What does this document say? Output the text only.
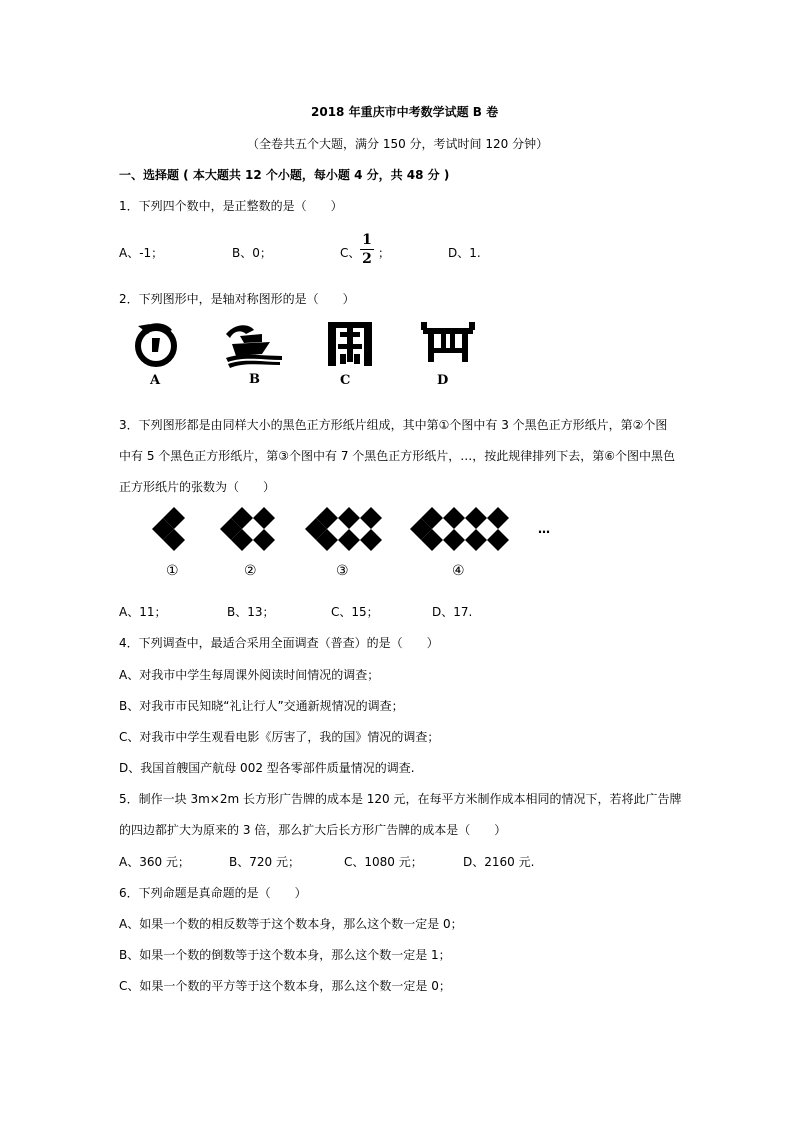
2018 年重庆市中考数学试题 B 卷
（全卷共五个大题，满分 150 分，考试时间 120 分钟）
一、选择题 ( 本大题共 12 个小题，每小题 4 分，共 48 分 )
1．下列四个数中，是正整数的是（　　）
A、-1；	B、0；	C、
1
2 ；	D、1.
2．下列图形中，是轴对称图形的是（　　）
A	B	C	D
3．下列图形都是由同样大小的黑色正方形纸片组成，其中第①个图中有 3 个黑色正方形纸片，第②个图
中有 5 个黑色正方形纸片，第③个图中有 7 个黑色正方形纸片，…，按此规律排列下去，第⑥个图中黑色
正方形纸片的张数为（　　）
…
①	②	③	④
A、11；	B、13；	C、15；	D、17.
4．下列调查中，最适合采用全面调查（普查）的是（　　）
A、对我市中学生每周课外阅读时间情况的调查；
B、对我市市民知晓“礼让行人”交通新规情况的调查；
C、对我市中学生观看电影《厉害了，我的国》情况的调查；
D、我国首艘国产航母 002 型各零部件质量情况的调查.
5．制作一块 3m×2m 长方形广告牌的成本是 120 元，在每平方米制作成本相同的情况下，若将此广告牌
的四边都扩大为原来的 3 倍，那么扩大后长方形广告牌的成本是（　　）
A、360 元；	B、720 元；	C、1080 元；	D、2160 元.
6．下列命题是真命题的是（　　）
A、如果一个数的相反数等于这个数本身，那么这个数一定是 0；
B、如果一个数的倒数等于这个数本身，那么这个数一定是 1；
C、如果一个数的平方等于这个数本身，那么这个数一定是 0；
